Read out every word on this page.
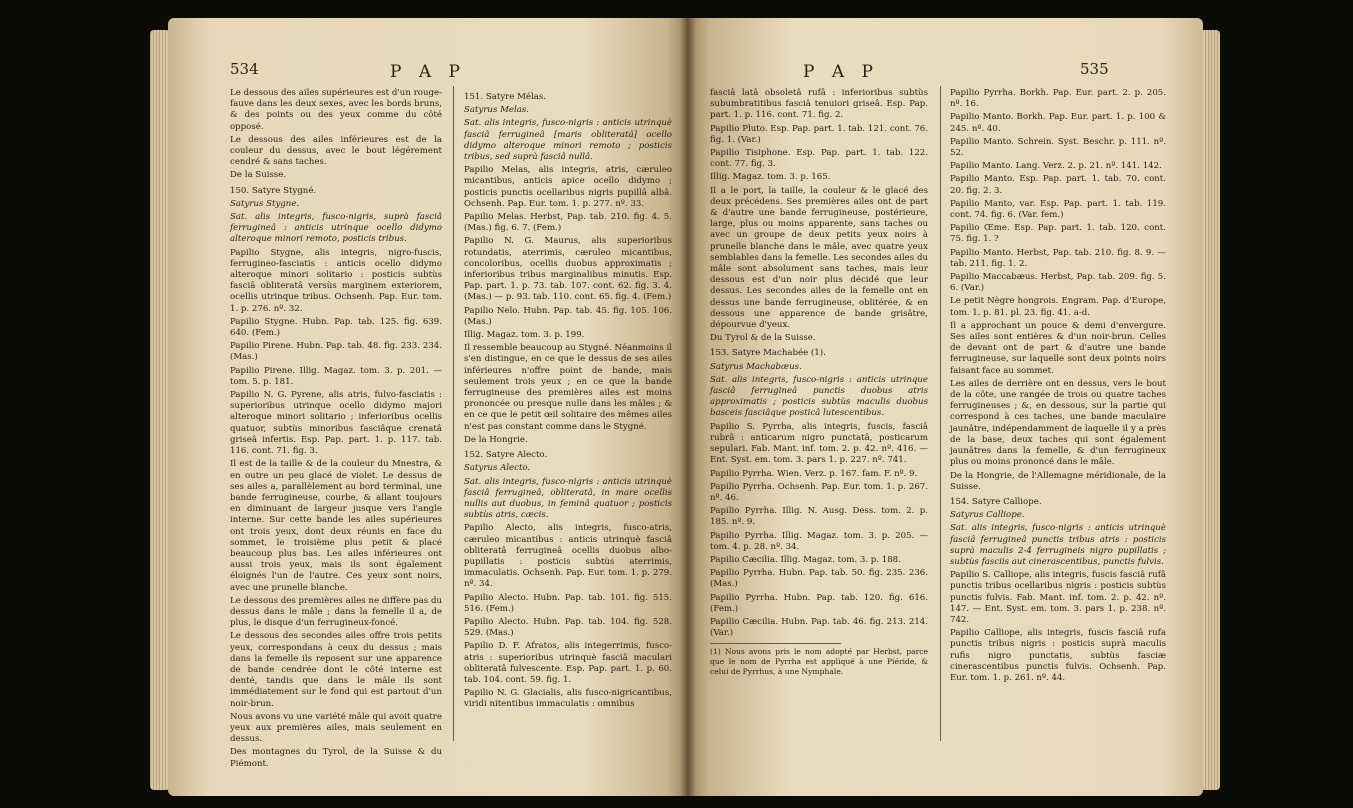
534	P A P

Le dessous des ailes supérieures est d'un rouge-fauve dans les deux sexes, avec les bords bruns, & des points ou des yeux comme du côté opposé.

Le dessous des ailes inférieures est de la couleur du dessus, avec le bout légérement cendré & sans taches.

De la Suisse.

150. Satyre Stygné.

Satyrus Stygne.

Sat. alis integris, fusco-nigris, suprà fasciâ ferrugineâ : anticis utrinque ocello didymo alteroque minori remoto, posticis tribus.

Papilio Stygne, alis integris, nigro-fuscis, ferrugineo-fasciatis : anticis ocello didymo alteroque minori solitario : posticis subtùs fasciâ obliteratâ versùs marginem exteriorem, ocellis utrinque tribus. Ochsenh. Pap. Eur. tom. 1. p. 276. nº. 32.

Papilio Stygne. Hubn. Pap. tab. 125. fig. 639. 640. (Fem.)

Papilio Pirene. Hubn. Pap. tab. 48. fig. 233. 234. (Mas.)

Papilio Pirene. Illig. Magaz. tom. 3. p. 201. — tom. 5. p. 181.

Papilio N. G. Pyrene, alis atris, fulvo-fasciatis : superioribus utrinque ocello didymo majori alteroque minori solitario ; inferioribus ocellis quatuor, subtùs minoribus fasciâque crenatâ griseâ infertis. Esp. Pap. part. 1. p. 117. tab. 116. cont. 71. fig. 3.

Il est de la taille & de la couleur du Mnestra, & en outre un peu glacé de violet. Le dessus de ses ailes a, parallèlement au bord terminal, une bande ferrugineuse, courbe, & allant toujours en diminuant de largeur jusque vers l'angle interne. Sur cette bande les ailes supérieures ont trois yeux, dont deux réunis en face du sommet, le troisième plus petit & placé beaucoup plus bas. Les ailes inférieures ont aussi trois yeux, mais ils sont également éloignés l'un de l'autre. Ces yeux sont noirs, avec une prunelle blanche.

Le dessous des premières ailes ne diffère pas du dessus dans le mâle ; dans la femelle il a, de plus, le disque d'un ferrugineux-foncé.

Le dessous des secondes ailes offre trois petits yeux, correspondans à ceux du dessus ; mais dans la femelle ils reposent sur une apparence de bande cendrée dont le côté interne est denté, tandis que dans le mâle ils sont immédiatement sur le fond qui est partout d'un noir-brun.

Nous avons vu une variété mâle qui avoit quatre yeux aux premières ailes, mais seulement en dessus.

Des montagnes du Tyrol, de la Suisse & du Piémont.

151. Satyre Mélas.

Satyrus Melas.

Sat. alis integris, fusco-nigris : anticis utrinquè fasciâ ferrugineâ [maris obliteratâ] ocello didymo alteroque minori remoto ; posticis tribus, sed suprà fasciâ nullâ.

Papilio Melas, alis integris, atris, cæruleo micantibus, anticis apice ocello didymo ; posticis punctis ocellaribus nigris pupillâ albâ. Ochsenh. Pap. Eur. tom. 1. p. 277. nº. 33.

Papilio Melas. Herbst, Pap. tab. 210. fig. 4. 5. (Mas.) fig. 6. 7. (Fem.)

Papilio N. G. Maurus, alis superioribus rotundatis, aterrimis, cæruleo micantibus, concoloribus, ocellis duobus approximatis ; inferioribus tribus marginalibus minutis. Esp. Pap. part. 1. p. 73. tab. 107. cont. 62. fig. 3. 4. (Mas.) — p. 93. tab. 110. cont. 65. fig. 4. (Fem.)

Papilio Nelo. Hubn. Pap. tab. 45. fig. 105. 106. (Mas.)

Illig. Magaz. tom. 3. p. 199.

Il ressemble beaucoup au Stygné. Néanmoins il s'en distingue, en ce que le dessus de ses ailes inférieures n'offre point de bande, mais seulement trois yeux ; en ce que la bande ferrugineuse des premières ailes est moins prononcée ou presque nulle dans les mâles ; & en ce que le petit œil solitaire des mêmes ailes n'est pas constant comme dans le Stygné.

De la Hongrie.

152. Satyre Alecto.

Satyrus Alecto.

Sat. alis integris, fusco-nigris : anticis utrinquè fasciâ ferrugineâ, obliteratâ, in mare ocellis nullis aut duobus, in feminâ quatuor ; posticis subtùs atris, cæcis.

Papilio Alecto, alis integris, fusco-atris, cæruleo micantibus : anticis utrinquè fasciâ obliteratâ ferrugineâ ocellis duobus albo-pupillatis : posticis subtùs aterrimis, immaculatis. Ochsenh. Pap. Eur. tom. 1. p. 279. nº. 34.

Papilio Alecto. Hubn. Pap. tab. 101. fig. 515. 516. (Fem.)

Papilio Alecto. Hubn. Pap. tab. 104. fig. 528. 529. (Mas.)

Papilio D. F. Afratos, alis integerrimis, fusco-atris : superioribus utrinquè fasciâ maculari obliteratâ fulvescente. Esp. Pap. part. 1. p. 60. tab. 104. cont. 59. fig. 1.

Papilio N. G. Glacialis, alis fusco-nigricantibus, viridi nitentibus immaculatis : omnibus

P A P	535

fasciâ latâ obsoletâ rufâ : inferioribus subtùs subumbratitibus fasciâ tenuiori griseâ. Esp. Pap. part. 1. p. 116. cont. 71. fig. 2.

Papilio Pluto. Esp. Pap. part. 1. tab. 121. cont. 76. fig. 1. (Var.)

Papilio Tisiphone. Esp. Pap. part. 1. tab. 122. cont. 77. fig. 3.

Illig. Magaz. tom. 3. p. 165.

Il a le port, la taille, la couleur & le glacé des deux précédens. Ses premières ailes ont de part & d'autre une bande ferrugineuse, postérieure, large, plus ou moins apparente, sans taches ou avec un groupe de deux petits yeux noirs à prunelle blanche dans le mâle, avec quatre yeux semblables dans la femelle. Les secondes ailes du mâle sont absolument sans taches, mais leur dessous est d'un noir plus décidé que leur dessus. Les secondes ailes de la femelle ont en dessus une bande ferrugineuse, oblitérée, & en dessous une apparence de bande grisâtre, dépourvue d'yeux.

Du Tyrol & de la Suisse.

153. Satyre Machabée (1).

Satyrus Machabæus.

Sat. alis integris, fusco-nigris : anticis utrinque fasciâ ferrugineâ punctis duobus atris approximatis ; posticis subtùs maculis duobus basceis fasciâque posticâ lutescentibus.

Papilio S. Pyrrha, alis integris, fuscis, fasciâ rubrâ : anticarum nigro punctatâ, posticarum sepulari. Fab. Mant. inf. tom. 2. p. 42. nº. 416. — Ent. Syst. em. tom. 3. pars 1. p. 227. nº. 741.

Papilio Pyrrha. Wien. Verz. p. 167. fam. F. nº. 9.

Papilio Pyrrha. Ochsenh. Pap. Eur. tom. 1. p. 267. nº. 46.

Papilio Pyrrha. Illig. N. Ausg. Dess. tom. 2. p. 185. nº. 9.

Papilio Pyrrha. Illig. Magaz. tom. 3. p. 205. — tom. 4. p. 28. nº. 34.

Papilio Cæcilia. Illig. Magaz. tom. 3. p. 188.

Papilio Pyrrha. Hubn. Pap. tab. 50. fig. 235. 236. (Mas.)

Papilio Pyrrha. Hubn. Pap. tab. 120. fig. 616. (Fem.)

Papilio Cæcilia. Hubn. Pap. tab. 46. fig. 213. 214. (Var.)

(1) Nous avons pris le nom adopté par Herbst, parce que le nom de Pyrrha est appliqué à une Piéride, & celui de Pyrrhus, à une Nymphale.

Papilio Pyrrha. Borkh. Pap. Eur. part. 2. p. 205. nº. 16.

Papilio Manto. Borkh. Pap. Eur. part. 1. p. 100 & 245. nº. 40.

Papilio Manto. Schrein. Syst. Beschr. p. 111. nº. 52.

Papilio Manto. Lang. Verz. 2. p. 21. nº. 141. 142.

Papilio Manto. Esp. Pap. part. 1. tab. 70. cont. 20. fig. 2. 3.

Papilio Manto, var. Esp. Pap. part. 1. tab. 119. cont. 74. fig. 6. (Var. fem.)

Papilio Œme. Esp. Pap. part. 1. tab. 120. cont. 75. fig. 1. ?

Papilio Manto. Herbst, Pap. tab. 210. fig. 8. 9. — tab. 211. fig. 1. 2.

Papilio Maccabæus. Herbst, Pap. tab. 209. fig. 5. 6. (Var.)

Le petit Nègre hongrois. Engram. Pap. d'Europe, tom. 1. p. 81. pl. 23. fig. 41. a-d.

Il a approchant un pouce & demi d'envergure. Ses ailes sont entières & d'un noir-brun. Celles de devant ont de part & d'autre une bande ferrugineuse, sur laquelle sont deux points noirs faisant face au sommet.

Les ailes de derrière ont en dessus, vers le bout de la côte, une rangée de trois ou quatre taches ferrugineuses ; &, en dessous, sur la partie qui correspond à ces taches, une bande maculaire jaunâtre, indépendamment de laquelle il y a près de la base, deux taches qui sont également jaunâtres dans la femelle, & d'un ferrugineux plus ou moins prononcé dans le mâle.

De la Hongrie, de l'Allemagne méridionale, de la Suisse.

154. Satyre Calliope.

Satyrus Calliope.

Sat. alis integris, fusco-nigris : anticis utrinquè fasciâ ferrugineâ punctis tribus atris : posticis suprà maculis 2-4 ferrugineis nigro pupillatis ; subtùs fasciis aut cinerascentibus, punctis fulvis.

Papilio S. Calliope, alis integris, fuscis fasciâ rufâ punctis tribus ocellaribus nigris : posticis subtùs punctis fulvis. Fab. Mant. inf. tom. 2. p. 42. nº. 147. — Ent. Syst. em. tom. 3. pars 1. p. 238. nº. 742.

Papilio Calliope, alis integris, fuscis fasciâ rufa punctis tribus nigris : posticis suprà maculis rufis nigro punctatis, subtùs fasciæ cinerascentibus punctis fulvis. Ochsenh. Pap. Eur. tom. 1. p. 261. nº. 44.
